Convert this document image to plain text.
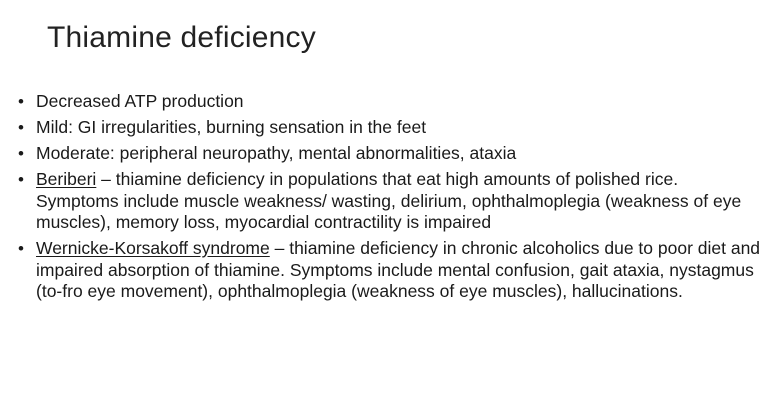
Thiamine deficiency
• Decreased ATP production
• Mild: GI irregularities, burning sensation in the feet
• Moderate: peripheral neuropathy, mental abnormalities, ataxia
• Beriberi – thiamine deficiency in populations that eat high amounts of polished rice. Symptoms include muscle weakness/ wasting, delirium, ophthalmoplegia (weakness of eye muscles), memory loss, myocardial contractility is impaired
• Wernicke-Korsakoff syndrome – thiamine deficiency in chronic alcoholics due to poor diet and impaired absorption of thiamine. Symptoms include mental confusion, gait ataxia, nystagmus (to-fro eye movement), ophthalmoplegia (weakness of eye muscles), hallucinations.
